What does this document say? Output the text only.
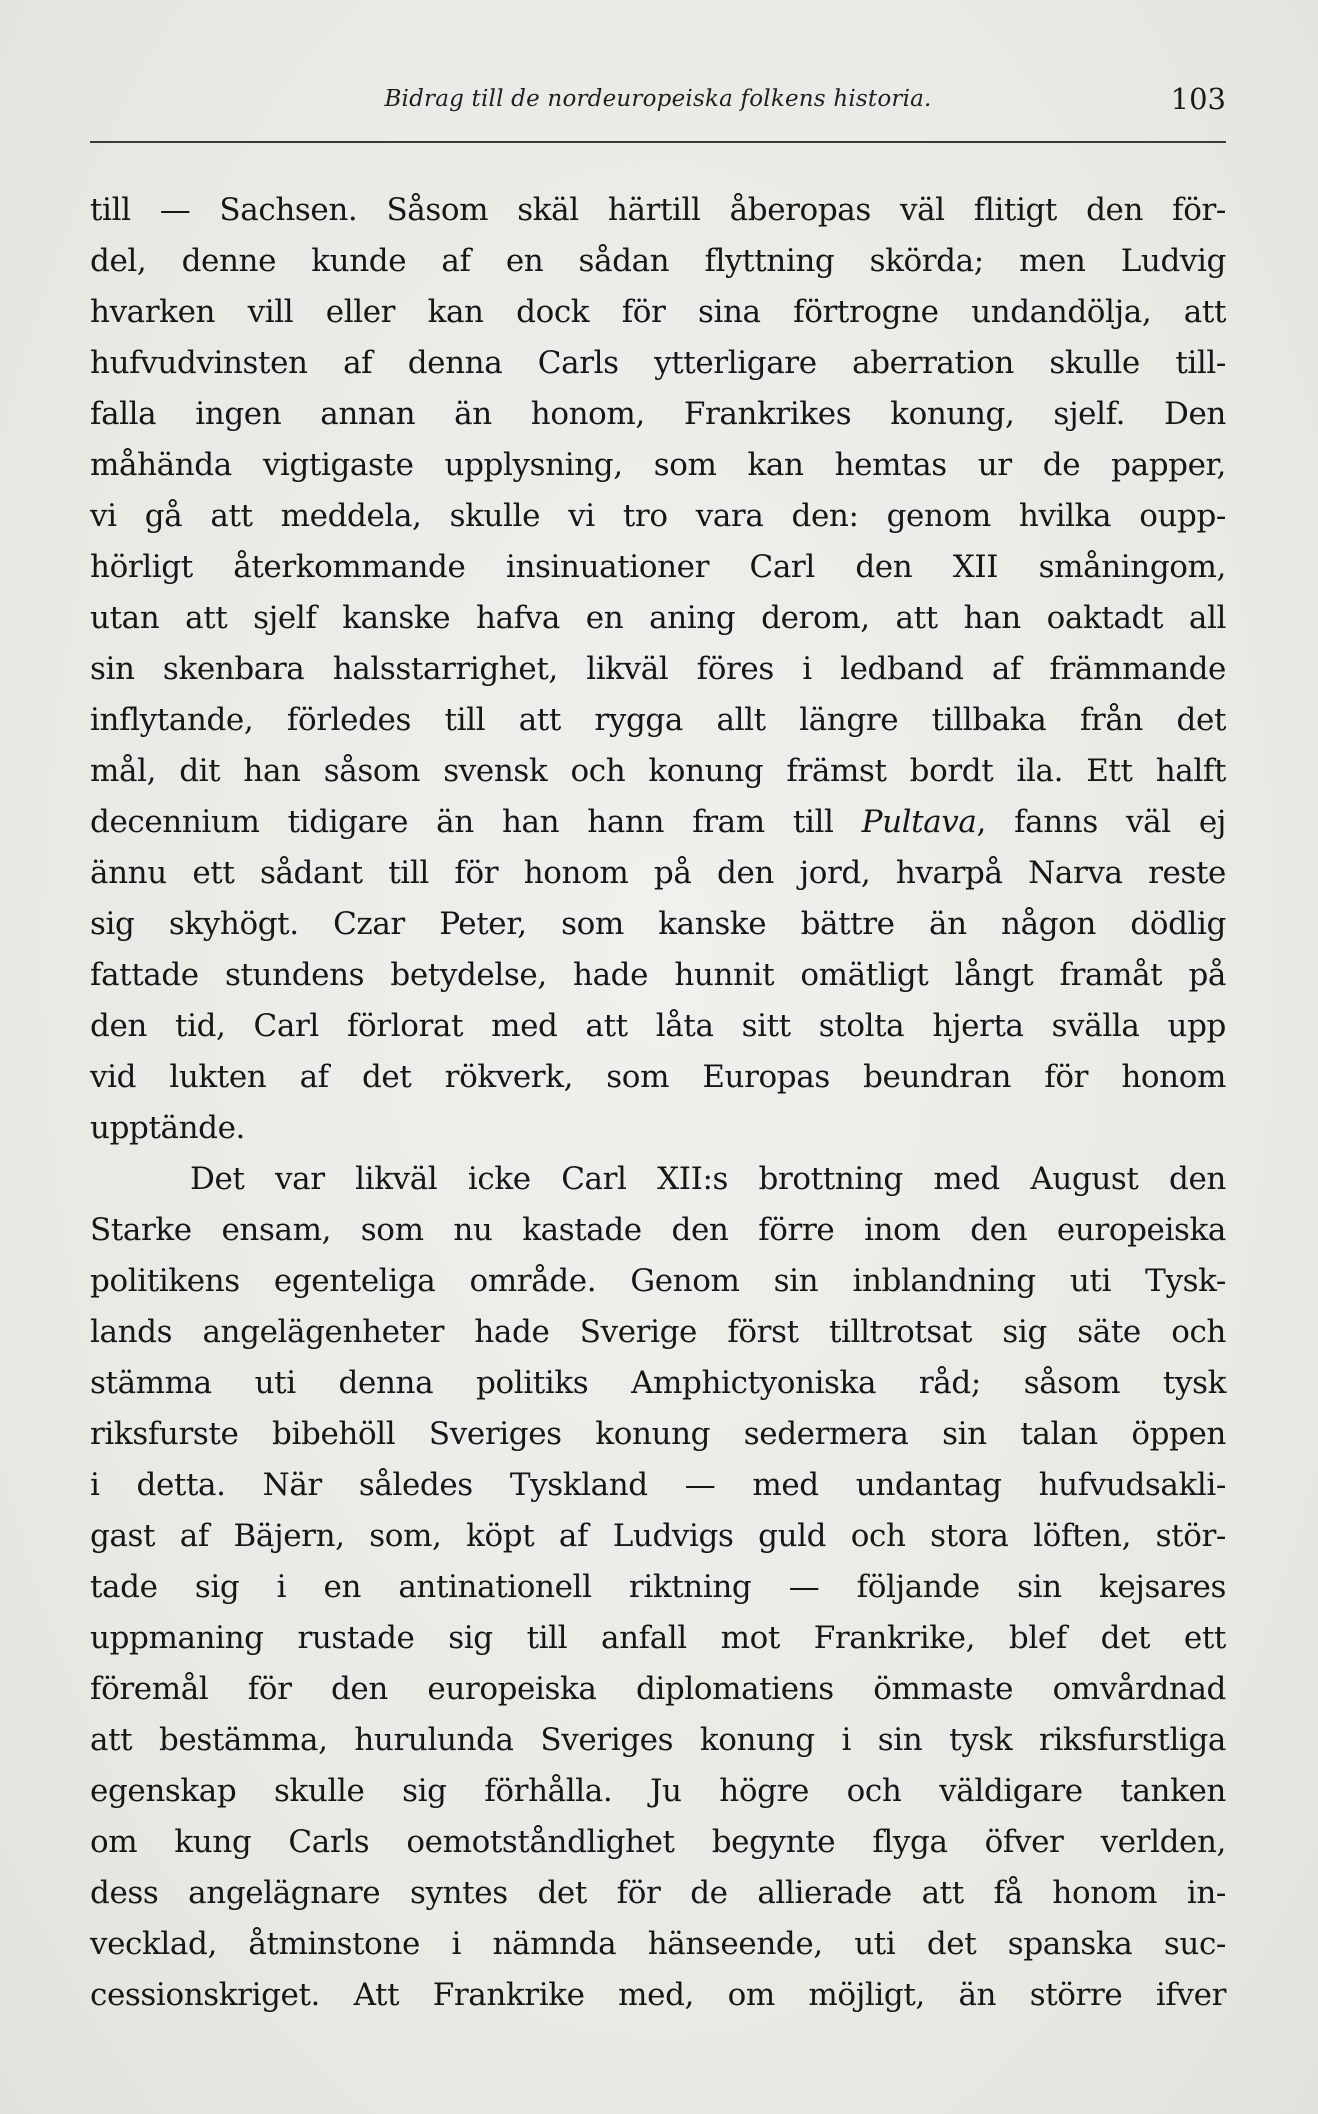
Bidrag till de nordeuropeiska folkens historia.	103
till — Sachsen. Såsom skäl härtill åberopas väl flitigt den för-
del, denne kunde af en sådan flyttning skörda; men Ludvig
hvarken vill eller kan dock för sina förtrogne undandölja, att
hufvudvinsten af denna Carls ytterligare aberration skulle till-
falla ingen annan än honom, Frankrikes konung, sjelf. Den
måhända vigtigaste upplysning, som kan hemtas ur de papper,
vi gå att meddela, skulle vi tro vara den: genom hvilka oupp-
hörligt återkommande insinuationer Carl den XII småningom,
utan att sjelf kanske hafva en aning derom, att han oaktadt all
sin skenbara halsstarrighet, likväl föres i ledband af främmande
inflytande, förledes till att rygga allt längre tillbaka från det
mål, dit han såsom svensk och konung främst bordt ila. Ett halft
decennium tidigare än han hann fram till Pultava, fanns väl ej
ännu ett sådant till för honom på den jord, hvarpå Narva reste
sig skyhögt. Czar Peter, som kanske bättre än någon dödlig
fattade stundens betydelse, hade hunnit omätligt långt framåt på
den tid, Carl förlorat med att låta sitt stolta hjerta svälla upp
vid lukten af det rökverk, som Europas beundran för honom
upptände.
Det var likväl icke Carl XII:s brottning med August den
Starke ensam, som nu kastade den förre inom den europeiska
politikens egenteliga område. Genom sin inblandning uti Tysk-
lands angelägenheter hade Sverige först tilltrotsat sig säte och
stämma uti denna politiks Amphictyoniska råd; såsom tysk
riksfurste bibehöll Sveriges konung sedermera sin talan öppen
i detta. När således Tyskland — med undantag hufvudsakli-
gast af Bäjern, som, köpt af Ludvigs guld och stora löften, stör-
tade sig i en antinationell riktning — följande sin kejsares
uppmaning rustade sig till anfall mot Frankrike, blef det ett
föremål för den europeiska diplomatiens ömmaste omvårdnad
att bestämma, hurulunda Sveriges konung i sin tysk riksfurstliga
egenskap skulle sig förhålla. Ju högre och väldigare tanken
om kung Carls oemotståndlighet begynte flyga öfver verlden,
dess angelägnare syntes det för de allierade att få honom in-
vecklad, åtminstone i nämnda hänseende, uti det spanska suc-
cessionskriget. Att Frankrike med, om möjligt, än större ifver
